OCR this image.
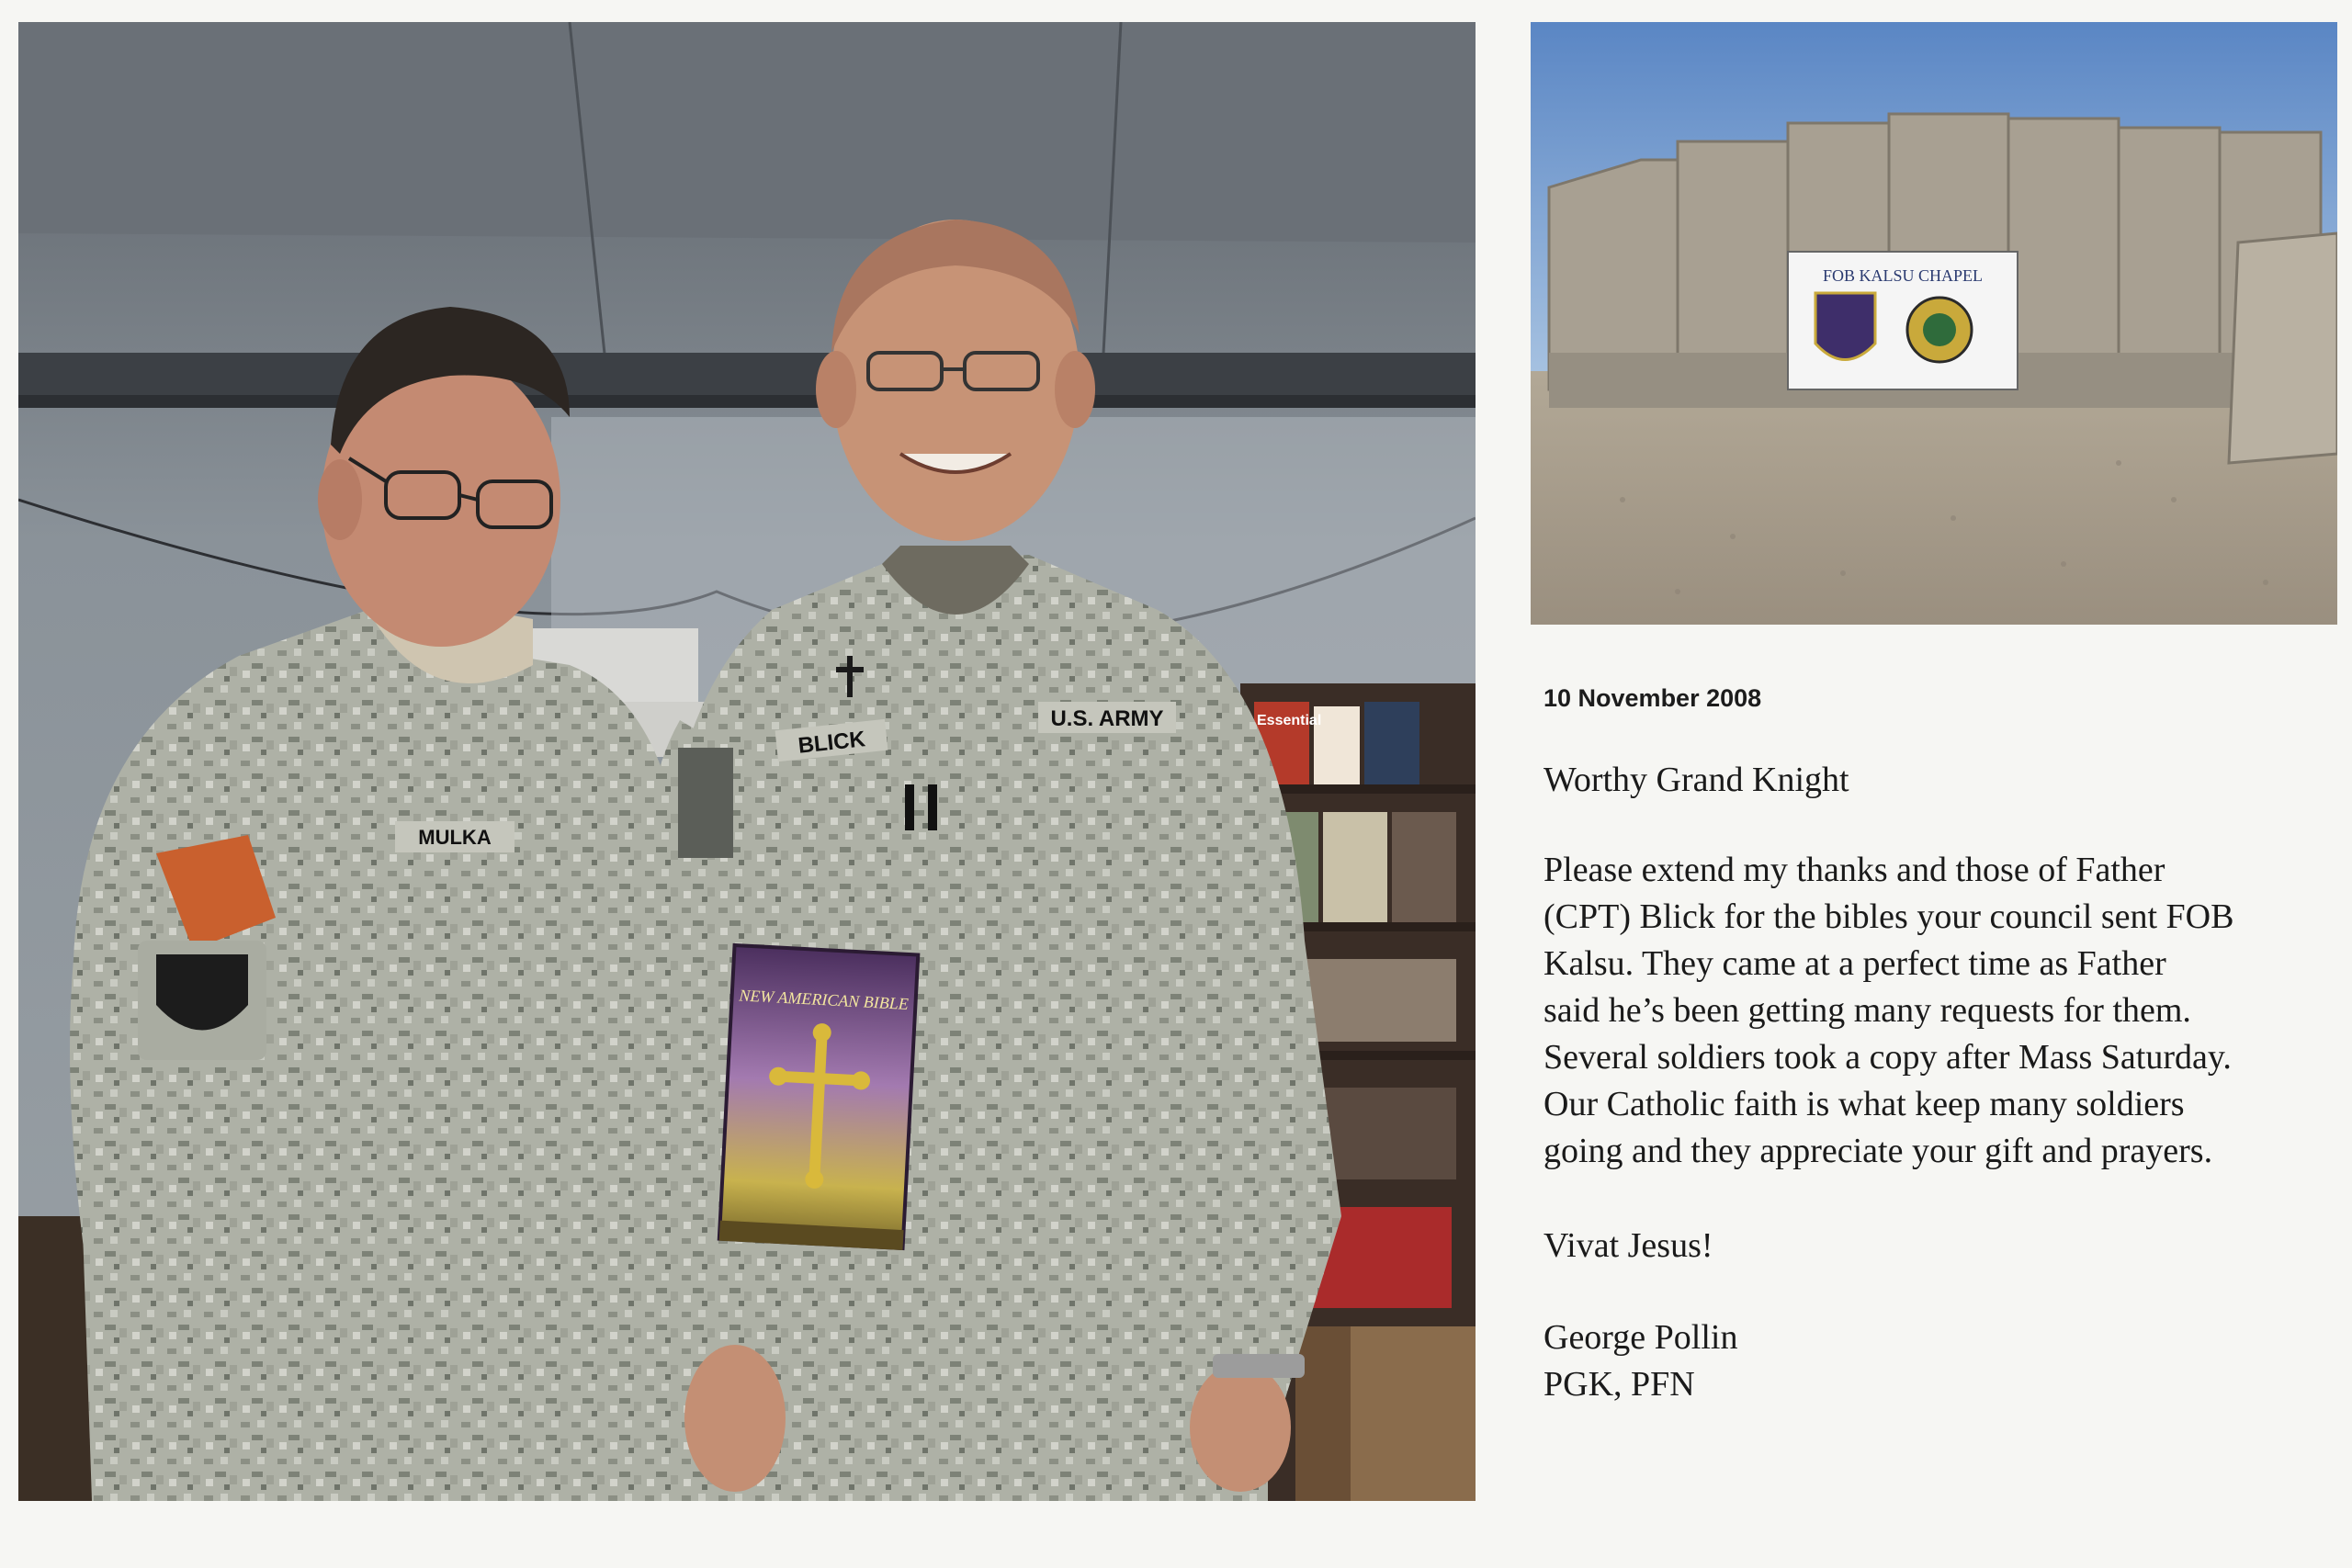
Essential
MULKA
BLICK
U.S. ARMY
NEW AMERICAN BIBLE
FOB KALSU CHAPEL

10 November 2008

Worthy Grand Knight

Please extend my thanks and those of Father
(CPT) Blick for the bibles your council sent FOB
Kalsu. They came at a perfect time as Father
said he’s been getting many requests for them.
Several soldiers took a copy after Mass Saturday.
Our Catholic faith is what keep many soldiers
going and they appreciate your gift and prayers.

Vivat Jesus!

George Pollin
PGK, PFN
